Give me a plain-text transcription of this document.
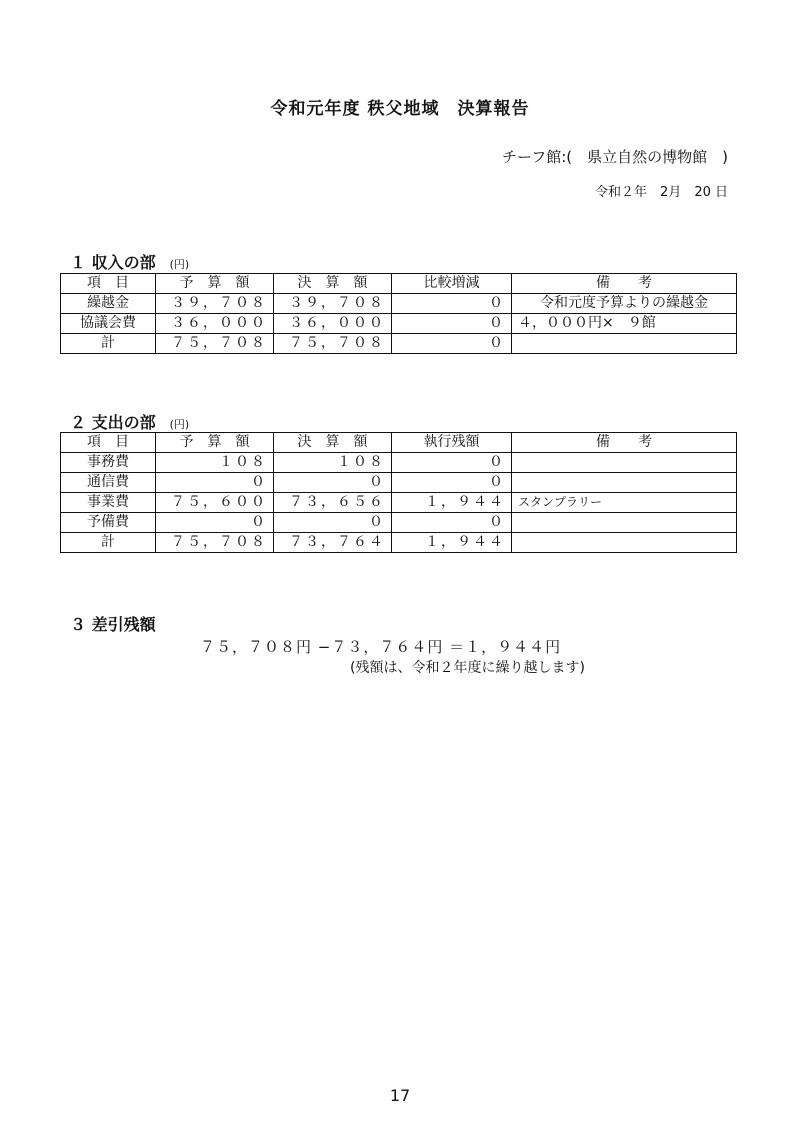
令和元年度 秩父地域　決算報告
チーフ館:(　県立自然の博物館　)
令和２年　2月　20 日
１ 収入の部 (円)
項　目	予　算　額	決　算　額	比較増減	備　　考
繰越金	３９，７０８	３９，７０８	０	令和元度予算よりの繰越金
協議会費	３６，０００	３６，０００	０	４，０００円×　９館
計	７５，７０８	７５，７０８	０	
２ 支出の部 (円)
項　目	予　算　額	決　算　額	執行残額	備　　考
事務費	１０８	１０８	０	
通信費	０	０	０	
事業費	７５，６００	７３，６５６	１，９４４	スタンプラリー
予備費	０	０	０	
計	７５，７０８	７３，７６４	１，９４４	
３ 差引残額
７５，７０８円 −７３，７６４円 ＝１，９４４円
(残額は、令和２年度に繰り越します)
17
